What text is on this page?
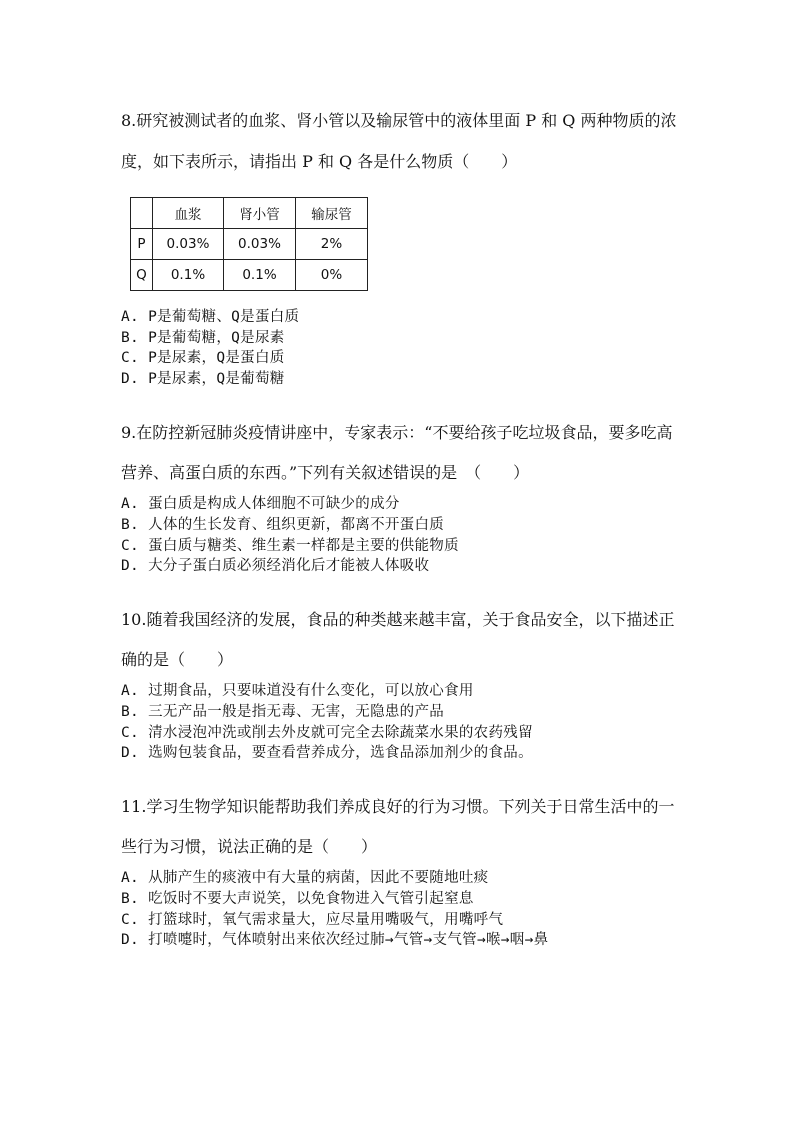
8.研究被测试者的血浆、肾小管以及输尿管中的液体里面 P 和 Q 两种物质的浓
度，如下表所示，请指出 P 和 Q 各是什么物质（　　）
	血浆	肾小管	输尿管
P	0.03%	0.03%	2%
Q	0.1%	0.1%	0%
A. P是葡萄糖、Q是蛋白质
B. P是葡萄糖，Q是尿素
C. P是尿素，Q是蛋白质
D. P是尿素，Q是葡萄糖
9.在防控新冠肺炎疫情讲座中，专家表示：“不要给孩子吃垃圾食品，要多吃高
营养、高蛋白质的东西。”下列有关叙述错误的是　（　　）
A. 蛋白质是构成人体细胞不可缺少的成分
B. 人体的生长发育、组织更新，都离不开蛋白质
C. 蛋白质与糖类、维生素一样都是主要的供能物质
D. 大分子蛋白质必须经消化后才能被人体吸收
10.随着我国经济的发展，食品的种类越来越丰富，关于食品安全，以下描述正
确的是（　　）
A. 过期食品，只要味道没有什么变化，可以放心食用
B. 三无产品一般是指无毒、无害，无隐患的产品
C. 清水浸泡冲洗或削去外皮就可完全去除蔬菜水果的农药残留
D. 选购包装食品，要查看营养成分，选食品添加剂少的食品。
11.学习生物学知识能帮助我们养成良好的行为习惯。下列关于日常生活中的一
些行为习惯，说法正确的是（　　）
A. 从肺产生的痰液中有大量的病菌，因此不要随地吐痰
B. 吃饭时不要大声说笑，以免食物进入气管引起窒息
C. 打篮球时，氧气需求量大，应尽量用嘴吸气，用嘴呼气
D. 打喷嚏时，气体喷射出来依次经过肺→气管→支气管→喉→咽→鼻
